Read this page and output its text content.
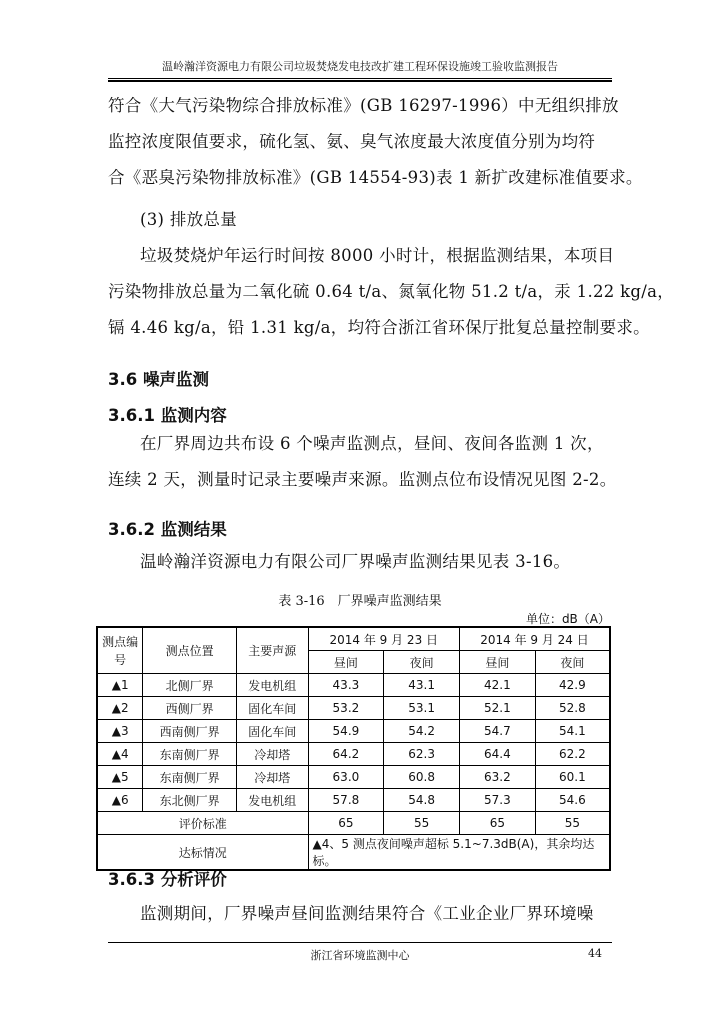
温岭瀚洋资源电力有限公司垃圾焚烧发电技改扩建工程环保设施竣工验收监测报告

符合《大气污染物综合排放标准》(GB 16297-1996）中无组织排放
监控浓度限值要求，硫化氢、氨、臭气浓度最大浓度值分别为均符
合《恶臭污染物排放标准》(GB 14554-93)表 1 新扩改建标准值要求。

(3) 排放总量

垃圾焚烧炉年运行时间按 8000 小时计，根据监测结果，本项目
污染物排放总量为二氧化硫 0.64 t/a、氮氧化物 51.2 t/a，汞 1.22 kg/a，
镉 4.46 kg/a，铅 1.31 kg/a，均符合浙江省环保厅批复总量控制要求。

3.6 噪声监测

3.6.1 监测内容

在厂界周边共布设 6 个噪声监测点，昼间、夜间各监测 1 次，
连续 2 天，测量时记录主要噪声来源。监测点位布设情况见图 2-2。

3.6.2 监测结果

温岭瀚洋资源电力有限公司厂界噪声监测结果见表 3-16。

表 3-16　厂界噪声监测结果
单位：dB（A）
测点编号	测点位置	主要声源	2014 年 9 月 23 日		2014 年 9 月 24 日	
			昼间	夜间	昼间	夜间
▲1	北侧厂界	发电机组	43.3	43.1	42.1	42.9
▲2	西侧厂界	固化车间	53.2	53.1	52.1	52.8
▲3	西南侧厂界	固化车间	54.9	54.2	54.7	54.1
▲4	东南侧厂界	冷却塔	64.2	62.3	64.4	62.2
▲5	东南侧厂界	冷却塔	63.0	60.8	63.2	60.1
▲6	东北侧厂界	发电机组	57.8	54.8	57.3	54.6
评价标准			65	55	65	55
达标情况			▲4、5 测点夜间噪声超标 5.1~7.3dB(A)，其余均达标。			

3.6.3 分析评价

监测期间，厂界噪声昼间监测结果符合《工业企业厂界环境噪

浙江省环境监测中心	44
